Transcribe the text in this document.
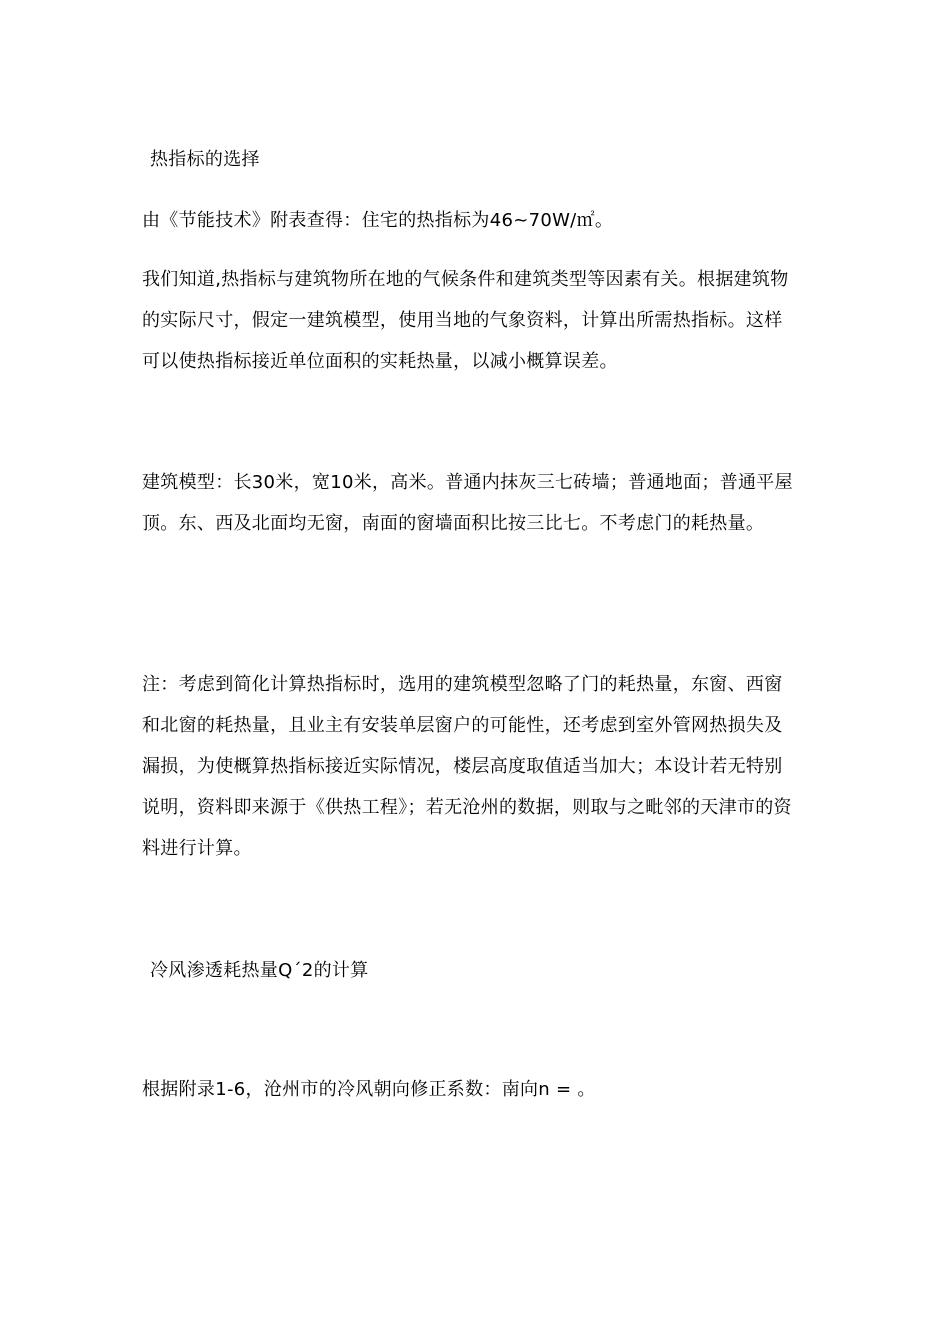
热指标的选择
由《节能技术》附表查得：住宅的热指标为46~70W/㎡。
我们知道,热指标与建筑物所在地的气候条件和建筑类型等因素有关。根据建筑物的实际尺寸，假定一建筑模型，使用当地的气象资料，计算出所需热指标。这样可以使热指标接近单位面积的实耗热量，以减小概算误差。
建筑模型：长30米，宽10米，高米。普通内抹灰三七砖墙；普通地面；普通平屋顶。东、西及北面均无窗，南面的窗墙面积比按三比七。不考虑门的耗热量。
注：考虑到简化计算热指标时，选用的建筑模型忽略了门的耗热量，东窗、西窗和北窗的耗热量，且业主有安装单层窗户的可能性，还考虑到室外管网热损失及漏损，为使概算热指标接近实际情况，楼层高度取值适当加大；本设计若无特别说明，资料即来源于《供热工程》；若无沧州的数据，则取与之毗邻的天津市的资料进行计算。
冷风渗透耗热量Q´2的计算
根据附录1-6，沧州市的冷风朝向修正系数：南向n = 。
